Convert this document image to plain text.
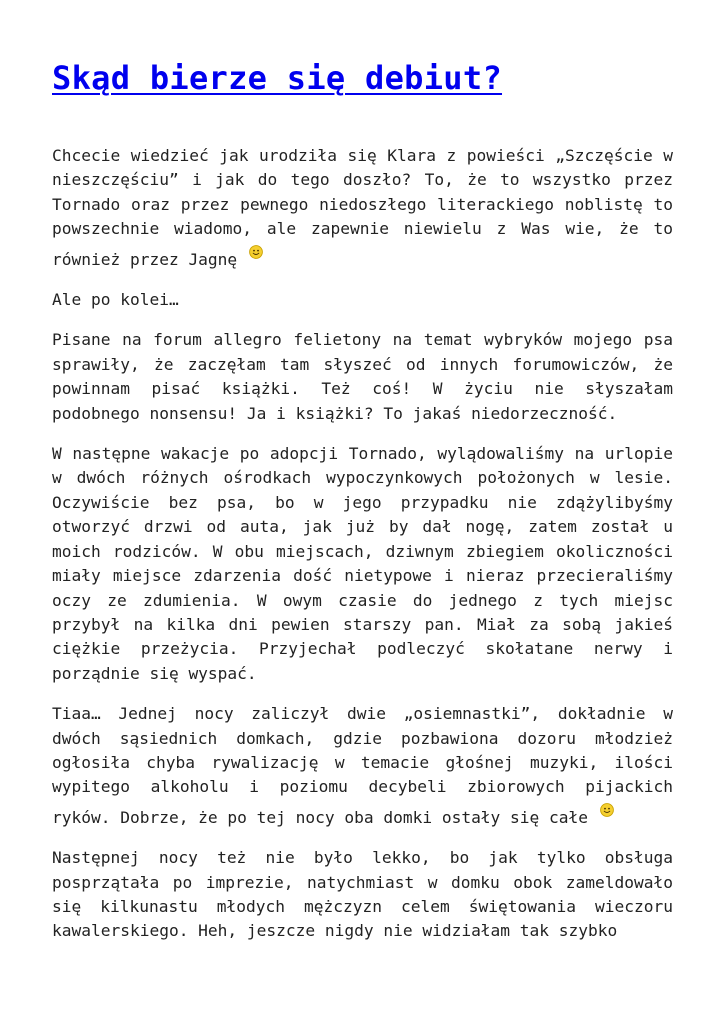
Skąd bierze się debiut?

Chcecie wiedzieć jak urodziła się Klara z powieści „Szczęście w nieszczęściu” i jak do tego doszło? To, że to wszystko przez Tornado oraz przez pewnego niedoszłego literackiego noblistę to powszechnie wiadomo, ale zapewnie niewielu z Was wie, że to również przez Jagnę

Ale po kolei…

Pisane na forum allegro felietony na temat wybryków mojego psa sprawiły, że zaczęłam tam słyszeć od innych forumowiczów, że powinnam pisać książki. Też coś! W życiu nie słyszałam podobnego nonsensu! Ja i książki? To jakaś niedorzeczność.

W następne wakacje po adopcji Tornado, wylądowaliśmy na urlopie w dwóch różnych ośrodkach wypoczynkowych położonych w lesie. Oczywiście bez psa, bo w jego przypadku nie zdążylibyśmy otworzyć drzwi od auta, jak już by dał nogę, zatem został u moich rodziców. W obu miejscach, dziwnym zbiegiem okoliczności miały miejsce zdarzenia dość nietypowe i nieraz przecieraliśmy oczy ze zdumienia. W owym czasie do jednego z tych miejsc przybył na kilka dni pewien starszy pan. Miał za sobą jakieś ciężkie przeżycia. Przyjechał podleczyć skołatane nerwy i porządnie się wyspać.

Tiaa… Jednej nocy zaliczył dwie „osiemnastki”, dokładnie w dwóch sąsiednich domkach, gdzie pozbawiona dozoru młodzież ogłosiła chyba rywalizację w temacie głośnej muzyki, ilości wypitego alkoholu i poziomu decybeli zbiorowych pijackich ryków. Dobrze, że po tej nocy oba domki ostały się całe

Następnej nocy też nie było lekko, bo jak tylko obsługa posprzątała po imprezie, natychmiast w domku obok zameldowało się kilkunastu młodych mężczyzn celem świętowania wieczoru kawalerskiego. Heh, jeszcze nigdy nie widziałam tak szybko
